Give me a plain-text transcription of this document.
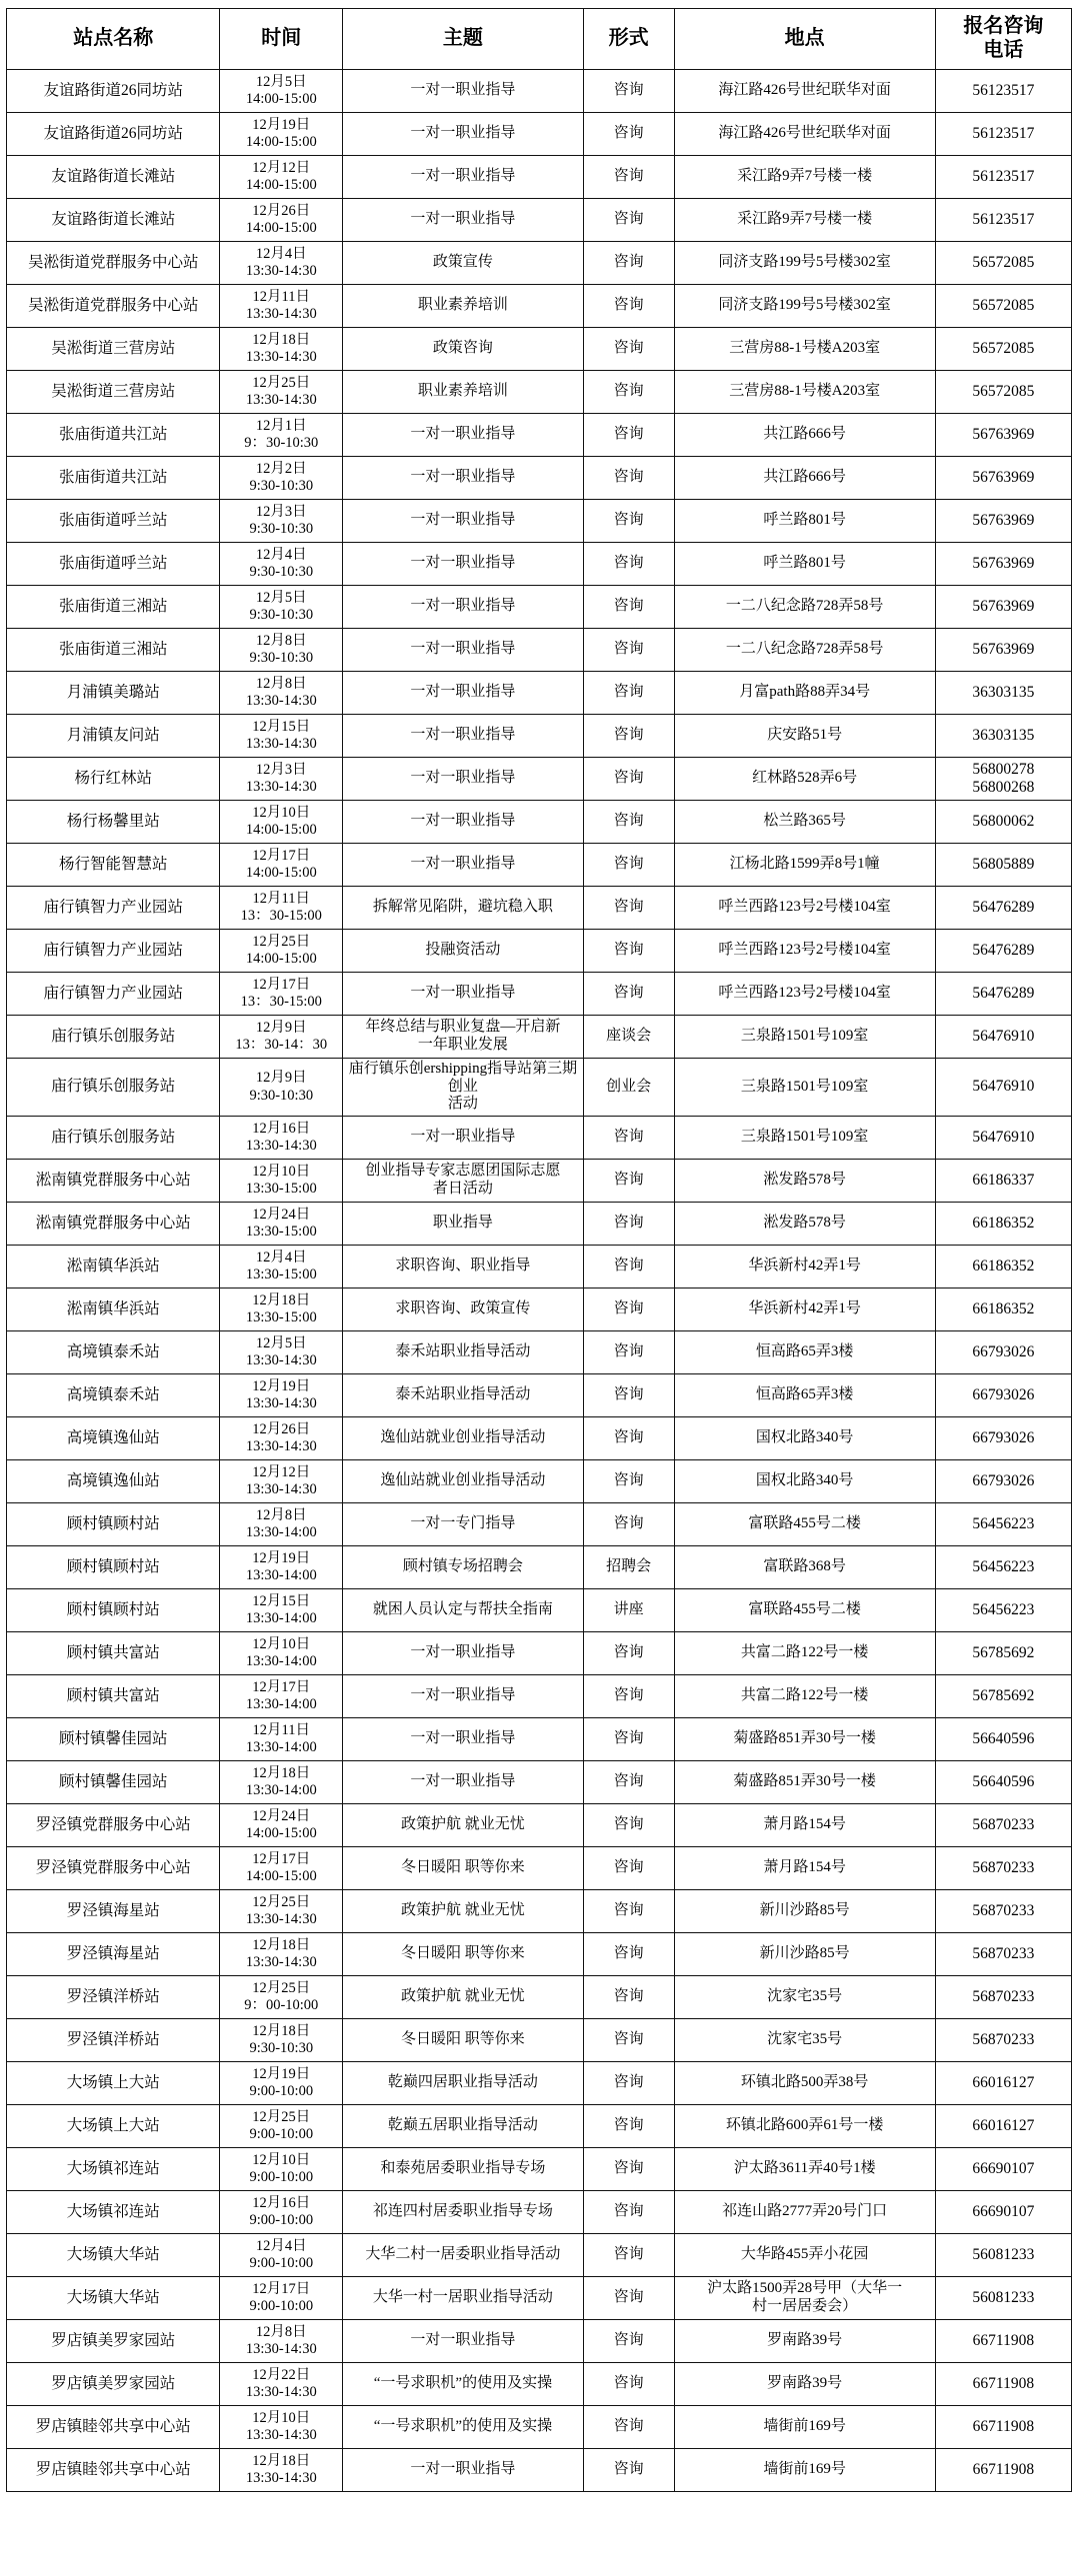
站点名称	时间	主题	形式	地点	报名咨询
电话

友谊路街道26同坊站	12月5日
14:00-15:00	一对一职业指导	咨询	海江路426号世纪联华对面	56123517

友谊路街道26同坊站	12月19日
14:00-15:00	一对一职业指导	咨询	海江路426号世纪联华对面	56123517

友谊路街道长滩站	12月12日
14:00-15:00	一对一职业指导	咨询	采江路9弄7号楼一楼	56123517

友谊路街道长滩站	12月26日
14:00-15:00	一对一职业指导	咨询	采江路9弄7号楼一楼	56123517

吴淞街道党群服务中心站	12月4日
13:30-14:30	政策宣传	咨询	同济支路199号5号楼302室	56572085

吴淞街道党群服务中心站	12月11日
13:30-14:30	职业素养培训	咨询	同济支路199号5号楼302室	56572085

吴淞街道三营房站	12月18日
13:30-14:30	政策咨询	咨询	三营房88-1号楼A203室	56572085

吴淞街道三营房站	12月25日
13:30-14:30	职业素养培训	咨询	三营房88-1号楼A203室	56572085

张庙街道共江站	12月1日
9：30-10:30	一对一职业指导	咨询	共江路666号	56763969

张庙街道共江站	12月2日
9:30-10:30	一对一职业指导	咨询	共江路666号	56763969

张庙街道呼兰站	12月3日
9:30-10:30	一对一职业指导	咨询	呼兰路801号	56763969

张庙街道呼兰站	12月4日
9:30-10:30	一对一职业指导	咨询	呼兰路801号	56763969

张庙街道三湘站	12月5日
9:30-10:30	一对一职业指导	咨询	一二八纪念路728弄58号	56763969

张庙街道三湘站	12月8日
9:30-10:30	一对一职业指导	咨询	一二八纪念路728弄58号	56763969

月浦镇美璐站	12月8日
13:30-14:30	一对一职业指导	咨询	月富path路88弄34号	36303135

月浦镇友问站	12月15日
13:30-14:30	一对一职业指导	咨询	庆安路51号	36303135

杨行红林站	12月3日
13:30-14:30	一对一职业指导	咨询	红林路528弄6号	56800278
56800268

杨行杨馨里站	12月10日
14:00-15:00	一对一职业指导	咨询	松兰路365号	56800062

杨行智能智慧站	12月17日
14:00-15:00	一对一职业指导	咨询	江杨北路1599弄8号1幢	56805889

庙行镇智力产业园站	12月11日
13：30-15:00	拆解常见陷阱，避坑稳入职	咨询	呼兰西路123号2号楼104室	56476289

庙行镇智力产业园站	12月25日
14:00-15:00	投融资活动	咨询	呼兰西路123号2号楼104室	56476289

庙行镇智力产业园站	12月17日
13：30-15:00	一对一职业指导	咨询	呼兰西路123号2号楼104室	56476289

庙行镇乐创服务站	12月9日
13：30-14：30	年终总结与职业复盘—开启新
一年职业发展	座谈会	三泉路1501号109室	56476910

庙行镇乐创服务站	12月9日
9:30-10:30	庙行镇乐创ershipping指导站第三期创业
活动	创业会	三泉路1501号109室	56476910

庙行镇乐创服务站	12月16日
13:30-14:30	一对一职业指导	咨询	三泉路1501号109室	56476910

淞南镇党群服务中心站	12月10日
13:30-15:00	创业指导专家志愿团国际志愿
者日活动	咨询	淞发路578号	66186337

淞南镇党群服务中心站	12月24日
13:30-15:00	职业指导	咨询	淞发路578号	66186352

淞南镇华浜站	12月4日
13:30-15:00	求职咨询、职业指导	咨询	华浜新村42弄1号	66186352

淞南镇华浜站	12月18日
13:30-15:00	求职咨询、政策宣传	咨询	华浜新村42弄1号	66186352

高境镇泰禾站	12月5日
13:30-14:30	泰禾站职业指导活动	咨询	恒高路65弄3楼	66793026

高境镇泰禾站	12月19日
13:30-14:30	泰禾站职业指导活动	咨询	恒高路65弄3楼	66793026

高境镇逸仙站	12月26日
13:30-14:30	逸仙站就业创业指导活动	咨询	国权北路340号	66793026

高境镇逸仙站	12月12日
13:30-14:30	逸仙站就业创业指导活动	咨询	国权北路340号	66793026

顾村镇顾村站	12月8日
13:30-14:00	一对一专门指导	咨询	富联路455号二楼	56456223

顾村镇顾村站	12月19日
13:30-14:00	顾村镇专场招聘会	招聘会	富联路368号	56456223

顾村镇顾村站	12月15日
13:30-14:00	就困人员认定与帮扶全指南	讲座	富联路455号二楼	56456223

顾村镇共富站	12月10日
13:30-14:00	一对一职业指导	咨询	共富二路122号一楼	56785692

顾村镇共富站	12月17日
13:30-14:00	一对一职业指导	咨询	共富二路122号一楼	56785692

顾村镇馨佳园站	12月11日
13:30-14:00	一对一职业指导	咨询	菊盛路851弄30号一楼	56640596

顾村镇馨佳园站	12月18日
13:30-14:00	一对一职业指导	咨询	菊盛路851弄30号一楼	56640596

罗泾镇党群服务中心站	12月24日
14:00-15:00	政策护航 就业无忧	咨询	萧月路154号	56870233

罗泾镇党群服务中心站	12月17日
14:00-15:00	冬日暖阳 职等你来	咨询	萧月路154号	56870233

罗泾镇海星站	12月25日
13:30-14:30	政策护航 就业无忧	咨询	新川沙路85号	56870233

罗泾镇海星站	12月18日
13:30-14:30	冬日暖阳 职等你来	咨询	新川沙路85号	56870233

罗泾镇洋桥站	12月25日
9：00-10:00	政策护航 就业无忧	咨询	沈家宅35号	56870233

罗泾镇洋桥站	12月18日
9:30-10:30	冬日暖阳 职等你来	咨询	沈家宅35号	56870233

大场镇上大站	12月19日
9:00-10:00	乾巅四居职业指导活动	咨询	环镇北路500弄38号	66016127

大场镇上大站	12月25日
9:00-10:00	乾巅五居职业指导活动	咨询	环镇北路600弄61号一楼	66016127

大场镇祁连站	12月10日
9:00-10:00	和泰苑居委职业指导专场	咨询	沪太路3611弄40号1楼	66690107

大场镇祁连站	12月16日
9:00-10:00	祁连四村居委职业指导专场	咨询	祁连山路2777弄20号门口	66690107

大场镇大华站	12月4日
9:00-10:00	大华二村一居委职业指导活动	咨询	大华路455弄小花园	56081233

大场镇大华站	12月17日
9:00-10:00	大华一村一居职业指导活动	咨询	沪太路1500弄28号甲（大华一
村一居居委会）	56081233

罗店镇美罗家园站	12月8日
13:30-14:30	一对一职业指导	咨询	罗南路39号	66711908

罗店镇美罗家园站	12月22日
13:30-14:30	“一号求职机”的使用及实操	咨询	罗南路39号	66711908

罗店镇睦邻共享中心站	12月10日
13:30-14:30	“一号求职机”的使用及实操	咨询	墙街前169号	66711908

罗店镇睦邻共享中心站	12月18日
13:30-14:30	一对一职业指导	咨询	墙街前169号	66711908
